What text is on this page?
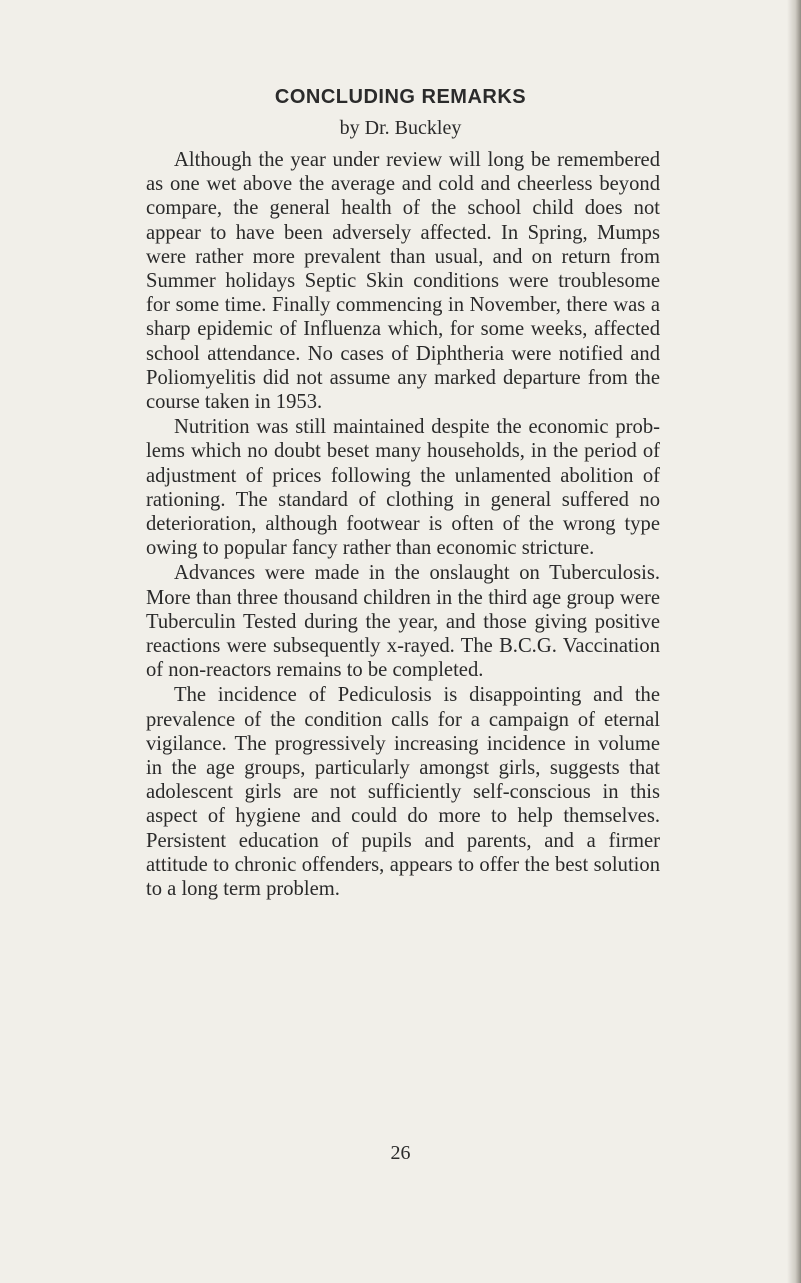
CONCLUDING REMARKS
by Dr. Buckley

Although the year under review will long be remembered as one wet above the average and cold and cheerless beyond compare, the general health of the school child does not appear to have been adversely affected. In Spring, Mumps were rather more prevalent than usual, and on return from Summer holidays Septic Skin conditions were troublesome for some time. Finally commencing in November, there was a sharp epidemic of Influenza which, for some weeks, affected school attendance. No cases of Diphtheria were notified and Poliomyelitis did not assume any marked departure from the course taken in 1953.

Nutrition was still maintained despite the economic problems which no doubt beset many households, in the period of adjustment of prices following the unlamented abolition of rationing. The standard of clothing in general suffered no deterioration, although footwear is often of the wrong type owing to popular fancy rather than economic stricture.

Advances were made in the onslaught on Tuberculosis. More than three thousand children in the third age group were Tuberculin Tested during the year, and those giving positive reactions were subsequently x-rayed. The B.C.G. Vaccination of non-reactors remains to be completed.

The incidence of Pediculosis is disappointing and the prevalence of the condition calls for a campaign of eternal vigilance. The progressively increasing incidence in volume in the age groups, particularly amongst girls, suggests that adolescent girls are not sufficiently self-conscious in this aspect of hygiene and could do more to help themselves. Persistent education of pupils and parents, and a firmer attitude to chronic offenders, appears to offer the best solution to a long term problem.

26
